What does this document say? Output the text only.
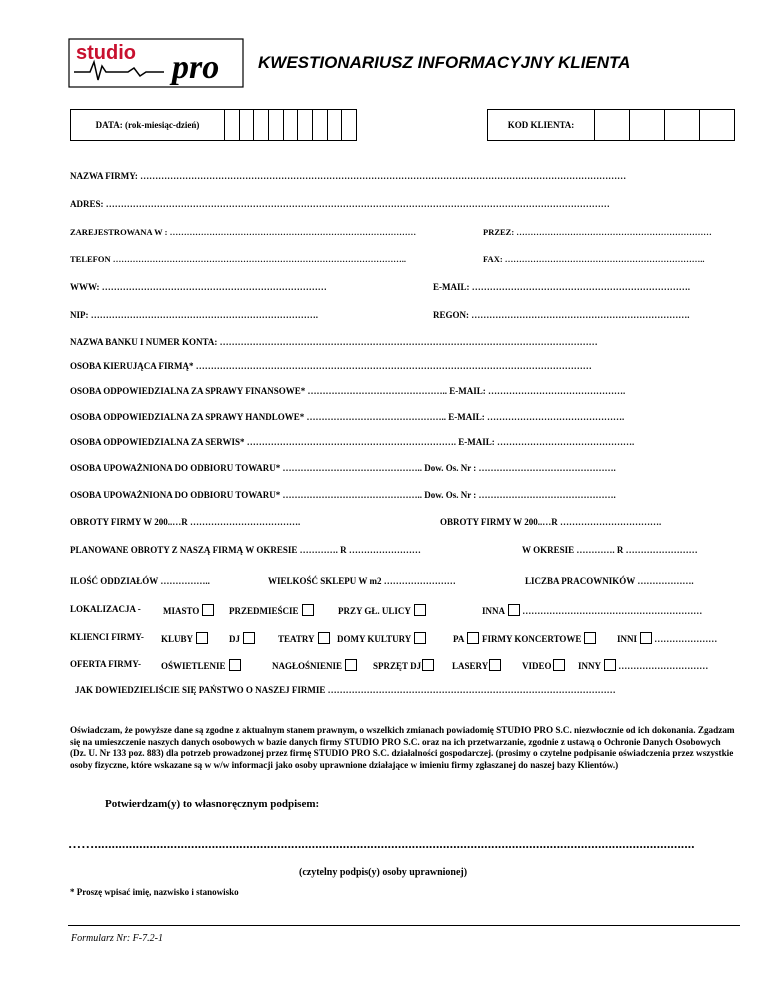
studio pro KWESTIONARIUSZ INFORMACYJNY KLIENTA
DATA: (rok-miesiąc-dzień)	KOD KLIENTA:
NAZWA FIRMY: ………………………………………………………………………………………………………………………………………………
ADRES: ……………………………………………………………………………………………………………………………………………………
ZAREJESTROWANA W : ……………………………………………………………………………	PRZEZ: ……………………………………………………………
TELEFON …………………………………………………………………………………………..	FAX: ……………………………………………………………..
WWW: …………………………………………………………………	E-MAIL: ……………………………………………………………….
NIP: ………………………………………………………………….	REGON: ……………………………………………………………….
NAZWA BANKU I NUMER KONTA: ………………………………………………………………………………………………………………
OSOBA KIERUJĄCA FIRMĄ* ……………………………………………………………………………………………………………………
OSOBA ODPOWIEDZIALNA ZA SPRAWY FINANSOWE* ……………………………………….. E-MAIL: ……………………………………….
OSOBA ODPOWIEDZIALNA ZA SPRAWY HANDLOWE* ……………………………………….. E-MAIL: ……………………………………….
OSOBA ODPOWIEDZIALNA ZA SERWIS* ……………………………………………………………. E-MAIL: ……………………………………….
OSOBA UPOWAŻNIONA DO ODBIORU TOWARU* ……………………………………….. Dow. Os. Nr : ……………………………………….
OSOBA UPOWAŻNIONA DO ODBIORU TOWARU* ……………………………………….. Dow. Os. Nr : ……………………………………….
OBROTY FIRMY W 200..…R ……………………………….	OBROTY FIRMY W 200..…R …………………………….
PLANOWANE OBROTY Z NASZĄ FIRMĄ W OKRESIE …………. R ……………………	W OKRESIE …………. R ……………………
ILOŚĆ ODDZIAŁÓW ……………..	WIELKOŚĆ SKLEPU W m2 ……………………	LICZBA PRACOWNIKÓW ……………….
LOKALIZACJA - MIASTO	PRZEDMIEŚCIE	PRZY GŁ. ULICY	INNA ……………………………………………………
KLIENCI FIRMY- KLUBY	DJ	TEATRY	DOMY KULTURY	PA	FIRMY KONCERTOWE	INNI …………………
OFERTA FIRMY- OŚWIETLENIE	NAGŁOŚNIENIE	SPRZĘT DJ	LASERY	VIDEO	INNY …………………………
JAK DOWIEDZIELIŚCIE SIĘ PAŃSTWO O NASZEJ FIRMIE ……………………………………………………………………………………
Oświadczam, że powyższe dane są zgodne z aktualnym stanem prawnym, o wszelkich zmianach powiadomię STUDIO PRO S.C. niezwłocznie od ich dokonania. Zgadzam się na umieszczenie naszych danych osobowych w bazie danych firmy STUDIO PRO S.C. oraz na ich przetwarzanie, zgodnie z ustawą o Ochronie Danych Osobowych (Dz. U. Nr 133 poz. 883) dla potrzeb prowadzonej przez firmę STUDIO PRO S.C. działalności gospodarczej. (prosimy o czytelne podpisanie oświadczenia przez wszystkie osoby fizyczne, które wskazane są w w/w informacji jako osoby uprawnione działające w imieniu firmy zgłaszanej do naszej bazy Klientów.)
Potwierdzam(y) to własnoręcznym podpisem:
……..............................................................................................................................................................................
(czytelny podpis(y) osoby uprawnionej)
* Proszę wpisać imię, nazwisko i stanowisko
Formularz Nr: F-7.2-1
